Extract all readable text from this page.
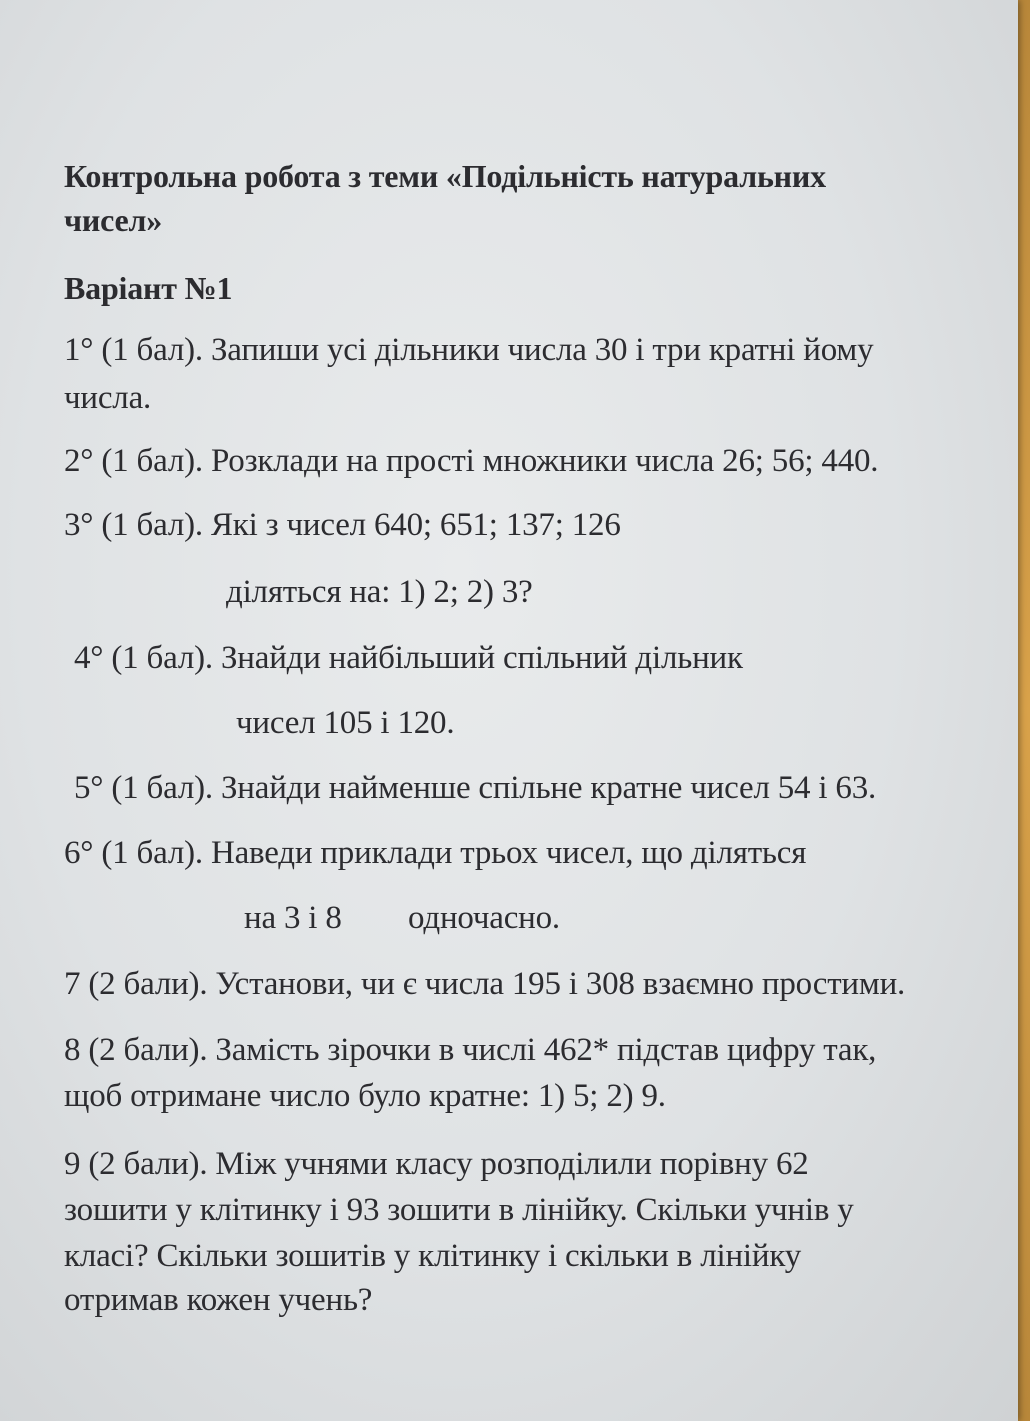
Контрольна робота з теми «Подільність натуральних
чисел»
Варіант №1
1° (1 бал). Запиши усі дільники числа 30 і три кратні йому
числа.
2° (1 бал). Розклади на прості множники числа 26; 56; 440.
3° (1 бал). Які з чисел 640; 651; 137; 126
діляться на: 1) 2; 2) 3?
4° (1 бал). Знайди найбільший спільний дільник
чисел 105 і 120.
5° (1 бал). Знайди найменше спільне кратне чисел 54 і 63.
6° (1 бал). Наведи приклади трьох чисел, що діляться
на 3 і 8 одночасно.
7 (2 бали). Установи, чи є числа 195 і 308 взаємно простими.
8 (2 бали). Замість зірочки в числі 462* підстав цифру так,
щоб отримане число було кратне: 1) 5; 2) 9.
9 (2 бали). Між учнями класу розподілили порівну 62
зошити у клітинку і 93 зошити в лінійку. Скільки учнів у
класі? Скільки зошитів у клітинку і скільки в лінійку
отримав кожен учень?
